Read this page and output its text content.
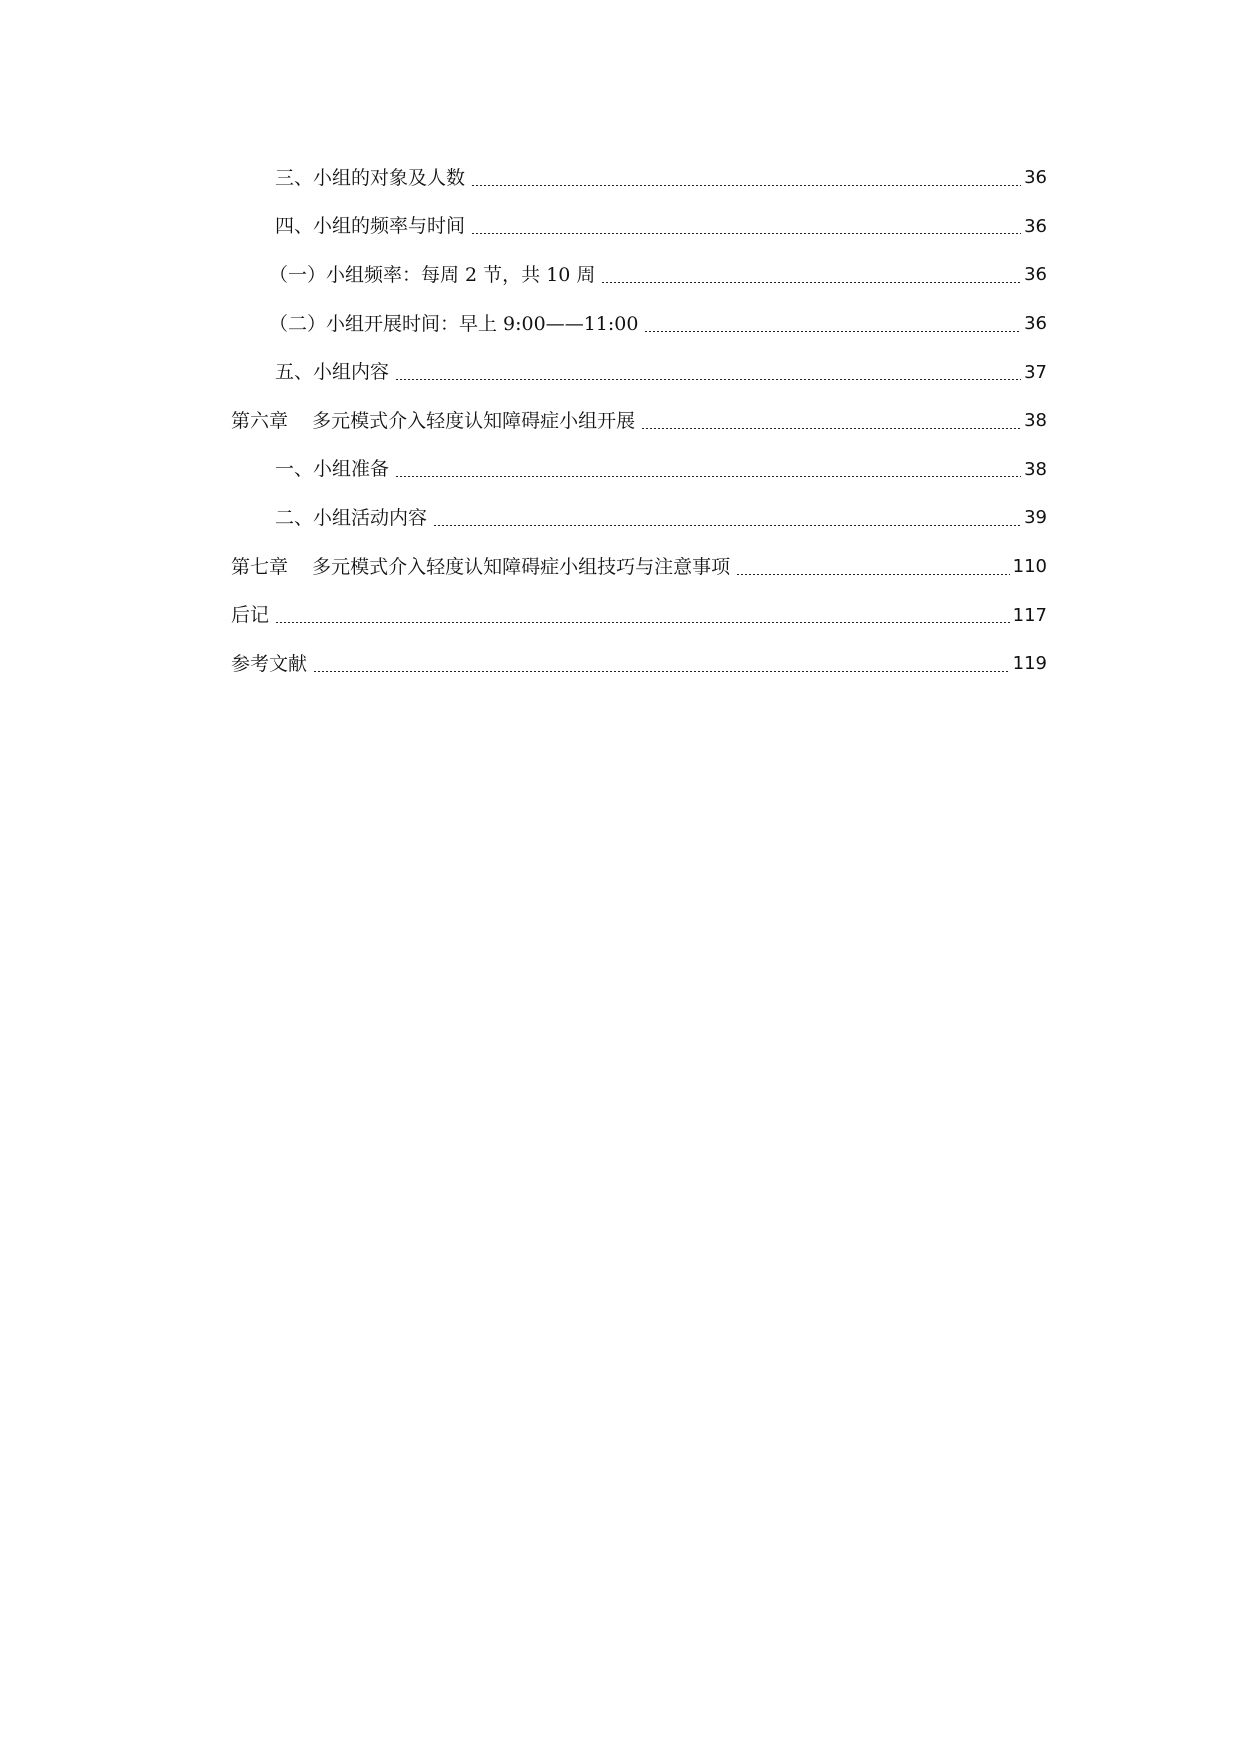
三、小组的对象及人数	36
四、小组的频率与时间	36
（一）小组频率：每周 2 节，共 10 周	36
（二）小组开展时间：早上 9:00——11:00	36
五、小组内容	37
第六章    多元模式介入轻度认知障碍症小组开展	38
一、小组准备	38
二、小组活动内容	39
第七章    多元模式介入轻度认知障碍症小组技巧与注意事项	110
后记	117
参考文献	119
